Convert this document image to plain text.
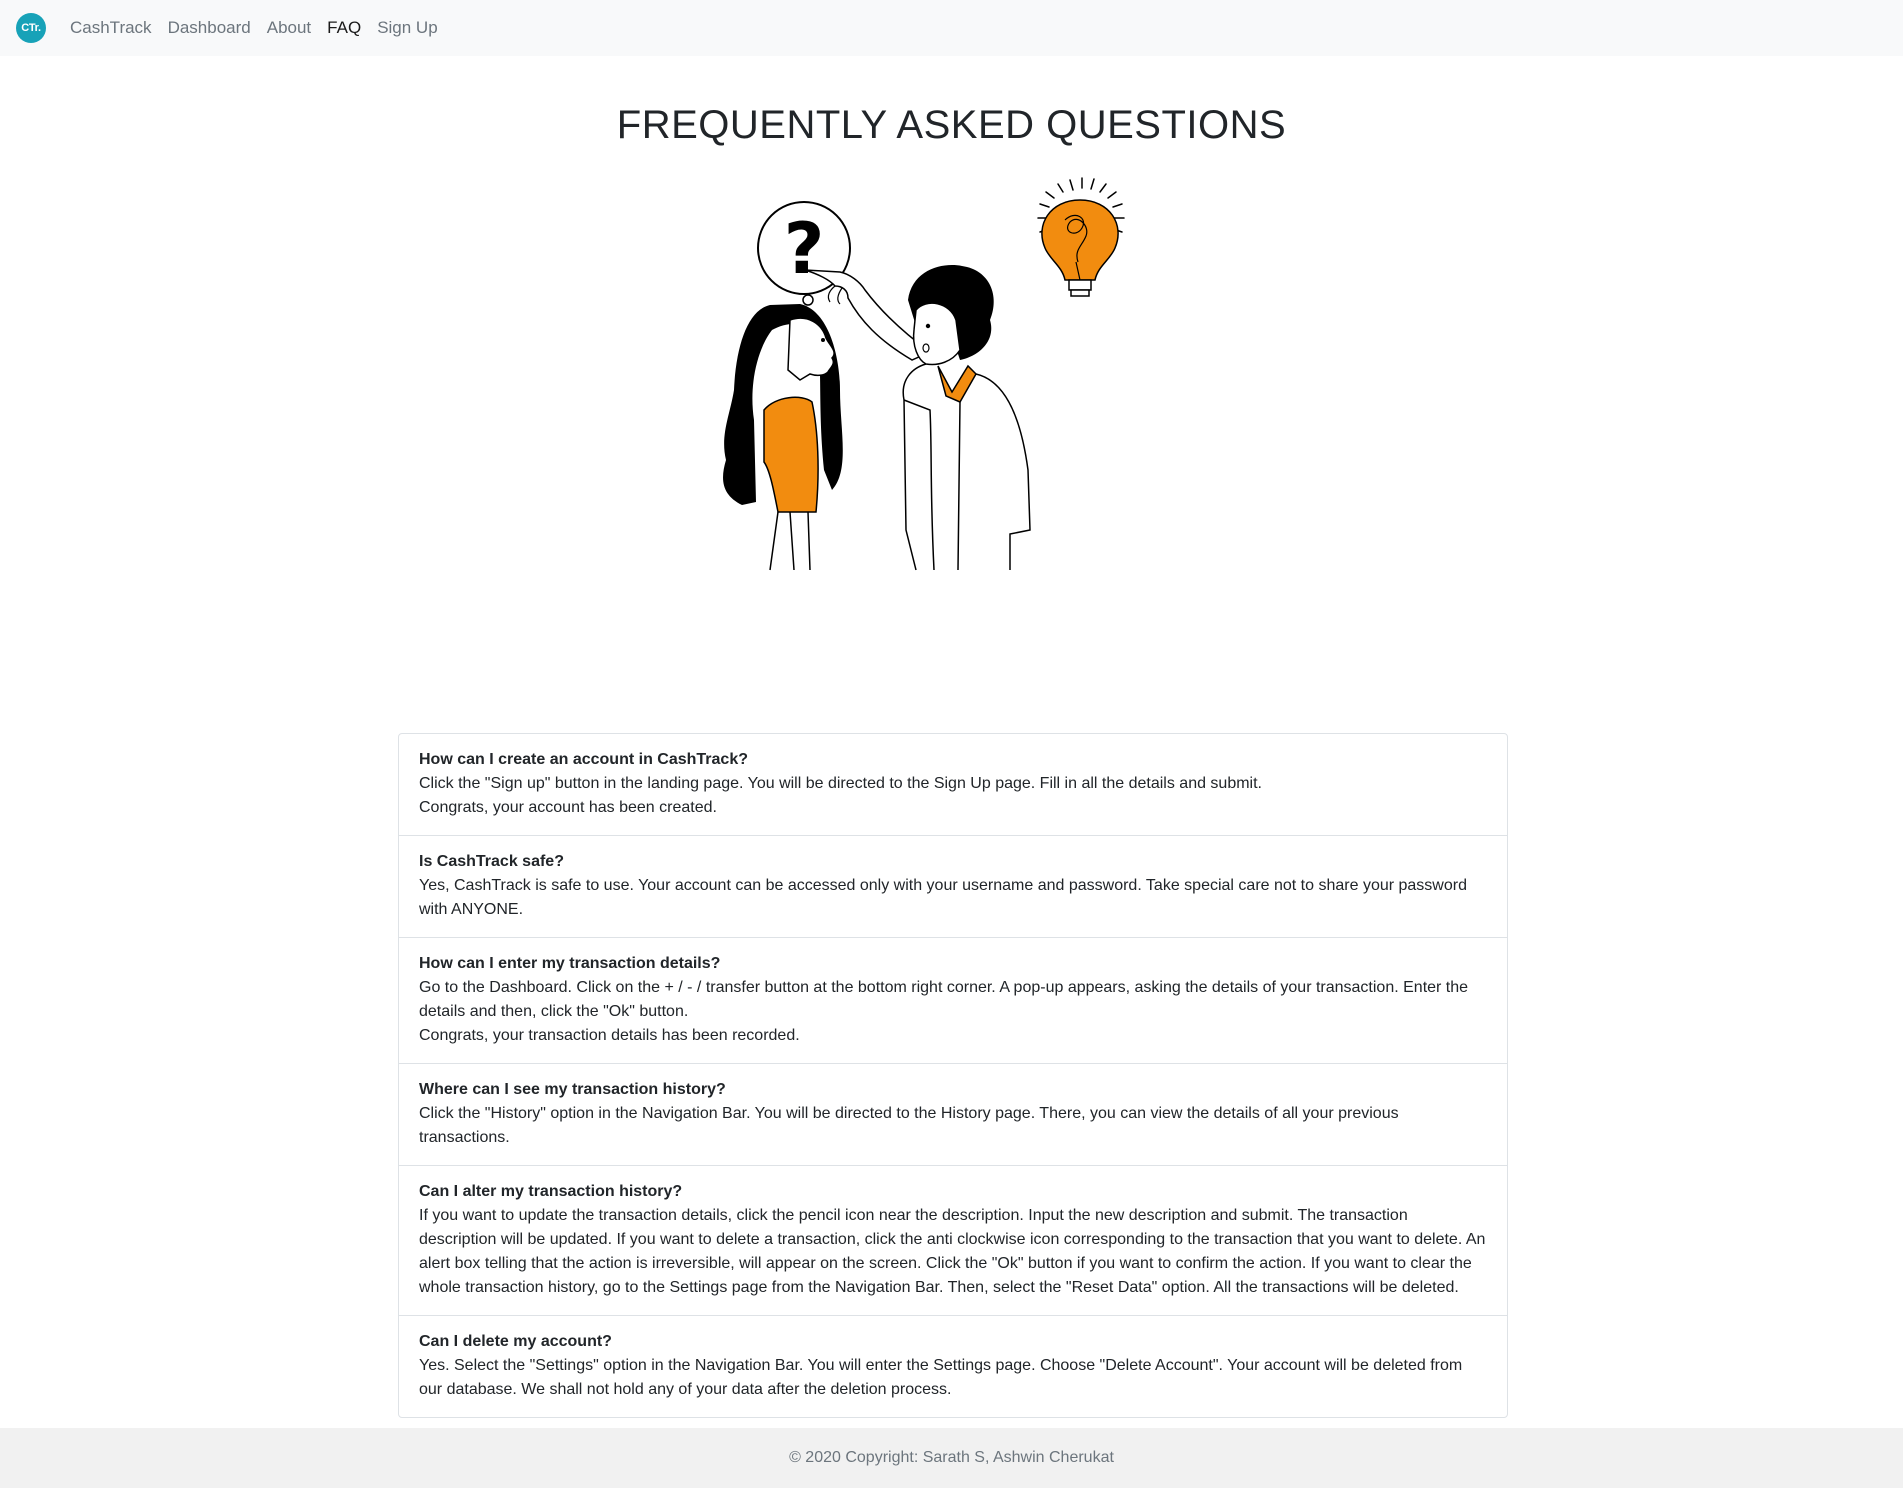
CTr.	CashTrack Dashboard About FAQ Sign Up
FREQUENTLY ASKED QUESTIONS
?

How can I create an account in CashTrack?

Click the "Sign up" button in the landing page. You will be directed to the Sign Up page. Fill in all the details and submit.

Congrats, your account has been created.

Is CashTrack safe?

Yes, CashTrack is safe to use. Your account can be accessed only with your username and password. Take special care not to share your password with ANYONE.

How can I enter my transaction details?

Go to the Dashboard. Click on the + / - / transfer button at the bottom right corner. A pop-up appears, asking the details of your transaction. Enter the details and then, click the "Ok" button.

Congrats, your transaction details has been recorded.

Where can I see my transaction history?

Click the "History" option in the Navigation Bar. You will be directed to the History page. There, you can view the details of all your previous transactions.

Can I alter my transaction history?

If you want to update the transaction details, click the pencil icon near the description. Input the new description and submit. The transaction description will be updated. If you want to delete a transaction, click the anti clockwise icon corresponding to the transaction that you want to delete. An alert box telling that the action is irreversible, will appear on the screen. Click the "Ok" button if you want to confirm the action. If you want to clear the whole transaction history, go to the Settings page from the Navigation Bar. Then, select the "Reset Data" option. All the transactions will be deleted.

Can I delete my account?

Yes. Select the "Settings" option in the Navigation Bar. You will enter the Settings page. Choose "Delete Account". Your account will be deleted from our database. We shall not hold any of your data after the deletion process.

© 2020 Copyright: Sarath S, Ashwin Cherukat
